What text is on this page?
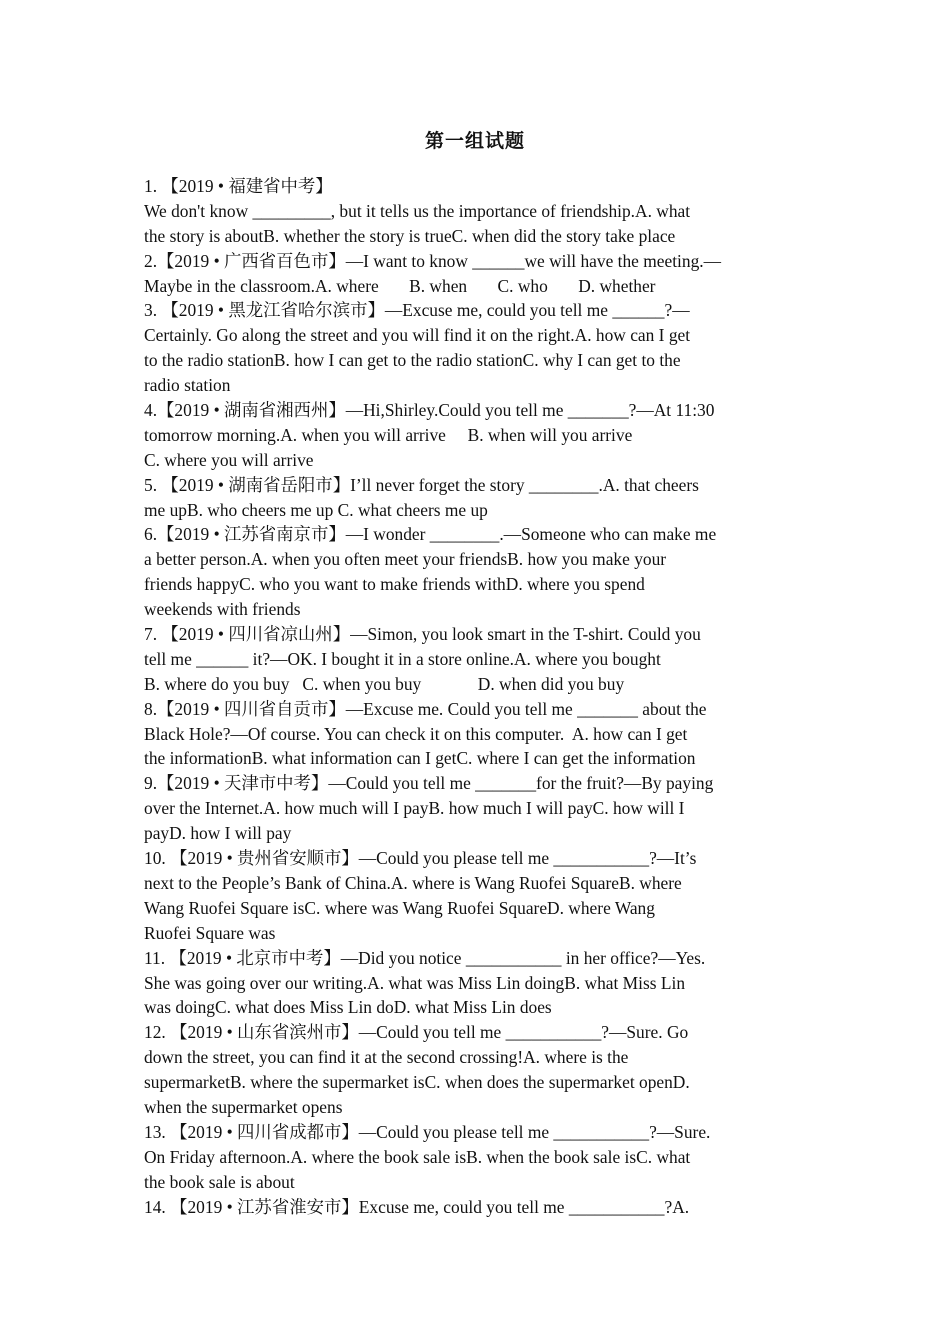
第一组试题
1. 【2019 • 福建省中考】
We don't know _________, but it tells us the importance of friendship.A. what
the story is aboutB. whether the story is trueC. when did the story take place
2.【2019 • 广西省百色市】—I want to know ______we will have the meeting.—
Maybe in the classroom.A. where       B. when       C. who       D. whether
3. 【2019 • 黑龙江省哈尔滨市】—Excuse me, could you tell me ______?—
Certainly. Go along the street and you will find it on the right.A. how can I get
to the radio stationB. how I can get to the radio stationC. why I can get to the
radio station
4.【2019 • 湖南省湘西州】—Hi,Shirley.Could you tell me _______?—At 11:30
tomorrow morning.A. when you will arrive     B. when will you arrive
C. where you will arrive
5. 【2019 • 湖南省岳阳市】I’ll never forget the story ________.A. that cheers
me upB. who cheers me up C. what cheers me up
6.【2019 • 江苏省南京市】—I wonder ________.—Someone who can make me
a better person.A. when you often meet your friendsB. how you make your
friends happyC. who you want to make friends withD. where you spend
weekends with friends
7. 【2019 • 四川省凉山州】—Simon, you look smart in the T-shirt. Could you
tell me ______ it?—OK. I bought it in a store online.A. where you bought
B. where do you buy   C. when you buy             D. when did you buy
8.【2019 • 四川省自贡市】—Excuse me. Could you tell me _______ about the
Black Hole?—Of course. You can check it on this computer.  A. how can I get
the informationB. what information can I getC. where I can get the information
9.【2019 • 天津市中考】—Could you tell me _______for the fruit?—By paying
over the Internet.A. how much will I payB. how much I will payC. how will I
payD. how I will pay
10. 【2019 • 贵州省安顺市】—Could you please tell me ___________?—It’s
next to the People’s Bank of China.A. where is Wang Ruofei SquareB. where
Wang Ruofei Square isC. where was Wang Ruofei SquareD. where Wang
Ruofei Square was
11. 【2019 • 北京市中考】—Did you notice ___________ in her office?—Yes.
She was going over our writing.A. what was Miss Lin doingB. what Miss Lin
was doingC. what does Miss Lin doD. what Miss Lin does
12. 【2019 • 山东省滨州市】—Could you tell me ___________?—Sure. Go
down the street, you can find it at the second crossing!A. where is the
supermarketB. where the supermarket isC. when does the supermarket openD.
when the supermarket opens
13. 【2019 • 四川省成都市】—Could you please tell me ___________?—Sure.
On Friday afternoon.A. where the book sale isB. when the book sale isC. what
the book sale is about
14. 【2019 • 江苏省淮安市】Excuse me, could you tell me ___________?A.
